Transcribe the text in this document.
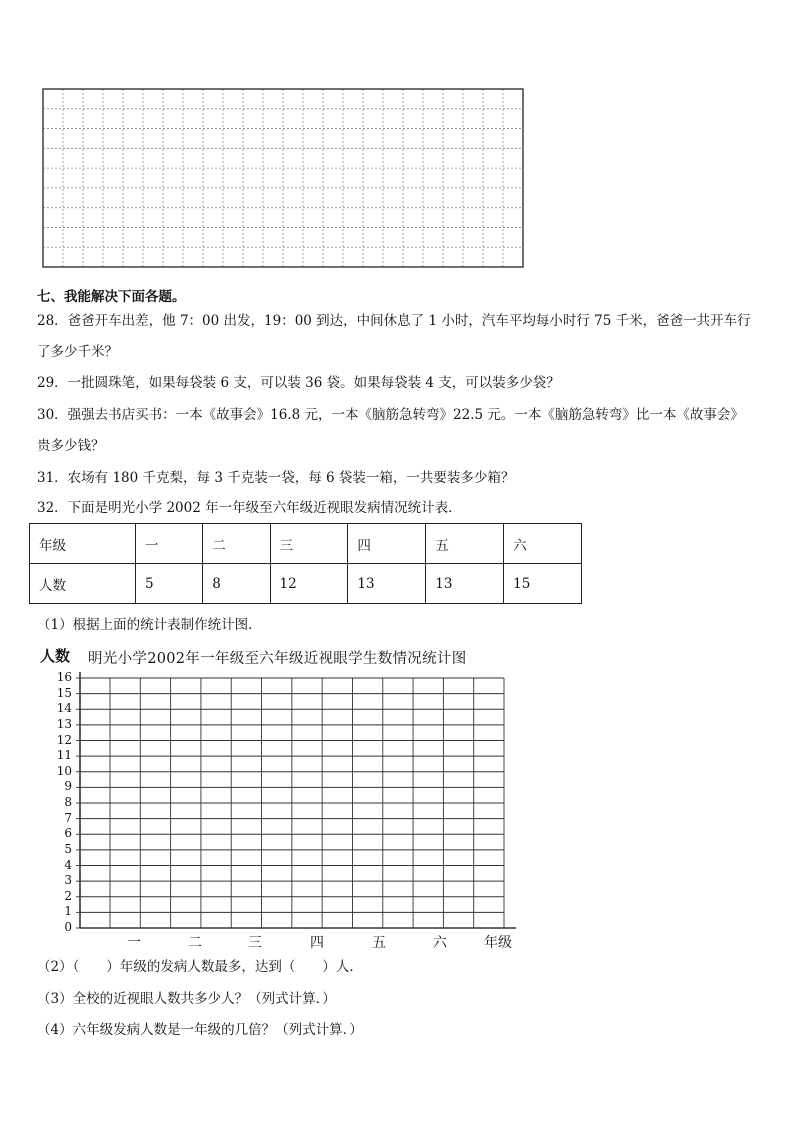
七、我能解决下面各题。
28．爸爸开车出差，他 7：00 出发，19：00 到达，中间休息了 1 小时，汽车平均每小时行 75 千米，爸爸一共开车行
了多少千米？
29．一批圆珠笔，如果每袋装 6 支，可以装 36 袋。如果每袋装 4 支，可以装多少袋？
30．强强去书店买书：一本《故事会》16.8 元，一本《脑筋急转弯》22.5 元。一本《脑筋急转弯》比一本《故事会》
贵多少钱？
31．农场有 180 千克梨，每 3 千克装一袋，每 6 袋装一箱，一共要装多少箱？
32．下面是明光小学 2002 年一年级至六年级近视眼发病情况统计表．
年级	一	二	三	四	五	六
人数	5	8	12	13	13	15
（1）根据上面的统计表制作统计图．
人数 明光小学2002年一年级至六年级近视眼学生数情况统计图
0
1
2
3
4
5
6
7
8
9
10
11
12
13
14
15
16
一	二	三	四	五	六	年级
（2）（　　）年级的发病人数最多，达到（　　）人．
（3）全校的近视眼人数共多少人？（列式计算．）
（4）六年级发病人数是一年级的几倍？（列式计算．）
